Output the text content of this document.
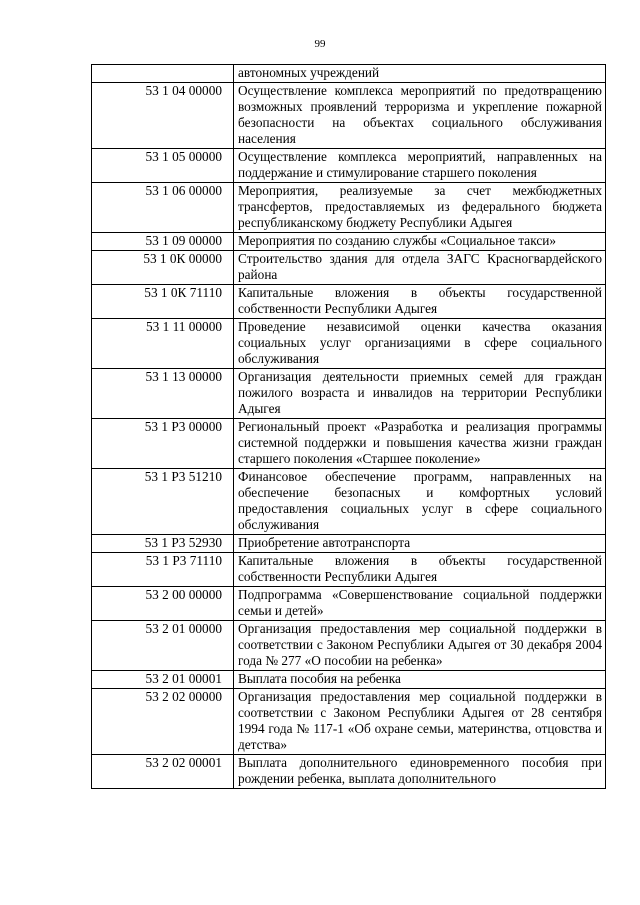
99
	автономных учреждений
53 1 04 00000	Осуществление комплекса мероприятий по предотвращению возможных проявлений терроризма и укрепление пожарной безопасности на объектах социального обслуживания населения
53 1 05 00000	Осуществление комплекса мероприятий, направленных на поддержание и стимулирование старшего поколения
53 1 06 00000	Мероприятия, реализуемые за счет межбюджетных трансфертов, предоставляемых из федерального бюджета республиканскому бюджету Республики Адыгея
53 1 09 00000	Мероприятия по созданию службы «Социальное такси»
53 1 0К 00000	Строительство здания для отдела ЗАГС Красногвардейского района
53 1 0К 71110	Капитальные вложения в объекты государственной собственности Республики Адыгея
53 1 11 00000	Проведение независимой оценки качества оказания социальных услуг организациями в сфере социального обслуживания
53 1 13 00000	Организация деятельности приемных семей для граждан пожилого возраста и инвалидов на территории Республики Адыгея
53 1 Р3 00000	Региональный проект «Разработка и реализация программы системной поддержки и повышения качества жизни граждан старшего поколения «Старшее поколение»
53 1 Р3 51210	Финансовое обеспечение программ, направленных на обеспечение безопасных и комфортных условий предоставления социальных услуг в сфере социального обслуживания
53 1 Р3 52930	Приобретение автотранспорта
53 1 Р3 71110	Капитальные вложения в объекты государственной собственности Республики Адыгея
53 2 00 00000	Подпрограмма «Совершенствование социальной поддержки семьи и детей»
53 2 01 00000	Организация предоставления мер социальной поддержки в соответствии с Законом Республики Адыгея от 30 декабря 2004 года № 277 «О пособии на ребенка»
53 2 01 00001	Выплата пособия на ребенка
53 2 02 00000	Организация предоставления мер социальной поддержки в соответствии с Законом Республики Адыгея от 28 сентября 1994 года № 117-1 «Об охране семьи, материнства, отцовства и детства»
53 2 02 00001	Выплата дополнительного единовременного пособия при рождении ребенка, выплата дополнительного
